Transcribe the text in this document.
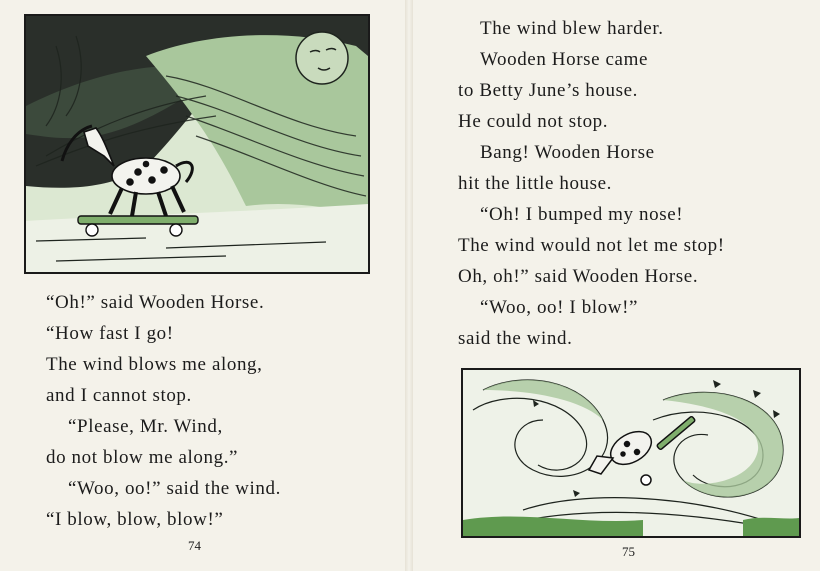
“Oh!” said Wooden Horse.
“How fast I go!
The wind blows me along,
and I cannot stop.
“Please, Mr. Wind,
do not blow me along.”
“Woo, oo!” said the wind.
“I blow, blow, blow!”
74
The wind blew harder.
Wooden Horse came
to Betty June’s house.
He could not stop.
Bang! Wooden Horse
hit the little house.
“Oh! I bumped my nose!
The wind would not let me stop!
Oh, oh!” said Wooden Horse.
“Woo, oo! I blow!”
said the wind.
75
